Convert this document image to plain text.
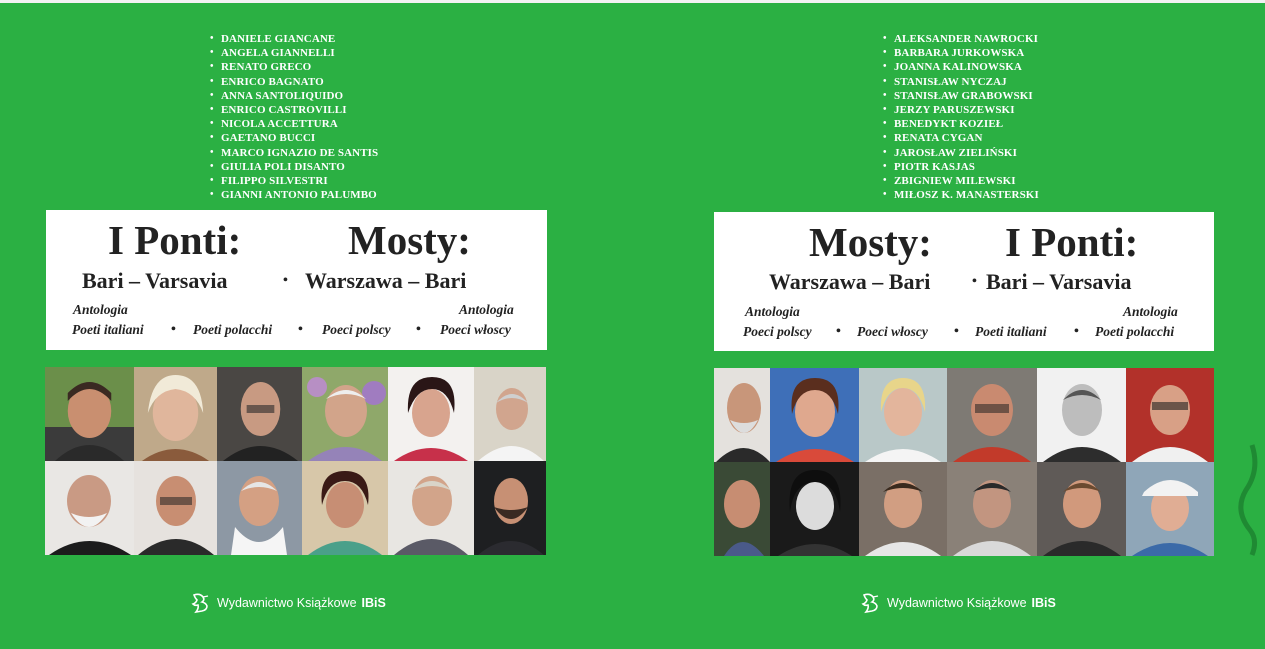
• DANIELE GIANCANE
• ANGELA GIANNELLI
• RENATO GRECO
• ENRICO BAGNATO
• ANNA SANTOLIQUIDO
• ENRICO CASTROVILLI
• NICOLA ACCETTURA
• GAETANO BUCCI
• MARCO IGNAZIO DE SANTIS
• GIULIA POLI DISANTO
• FILIPPO SILVESTRI
• GIANNI ANTONIO PALUMBO
I Ponti:	Mosty:
Bari – Varsavia	• Warszawa – Bari
Antologia	Antologia
Poeti italiani • Poeti polacchi • Poeci polscy • Poeci włoscy
Wydawnictwo Książkowe IBiS
• ALEKSANDER NAWROCKI
• BARBARA JURKOWSKA
• JOANNA KALINOWSKA
• STANISŁAW NYCZAJ
• STANISŁAW GRABOWSKI
• JERZY PARUSZEWSKI
• BENEDYKT KOZIEŁ
• RENATA CYGAN
• JAROSŁAW ZIELIŃSKI
• PIOTR KASJAS
• ZBIGNIEW MILEWSKI
• MIŁOSZ K. MANASTERSKI
Mosty: I Ponti:
Warszawa – Bari	• Bari – Varsavia
Antologia	Antologia
Poeci polscy • Poeci włoscy • Poeti italiani • Poeti polacchi
Wydawnictwo Książkowe IBiS
